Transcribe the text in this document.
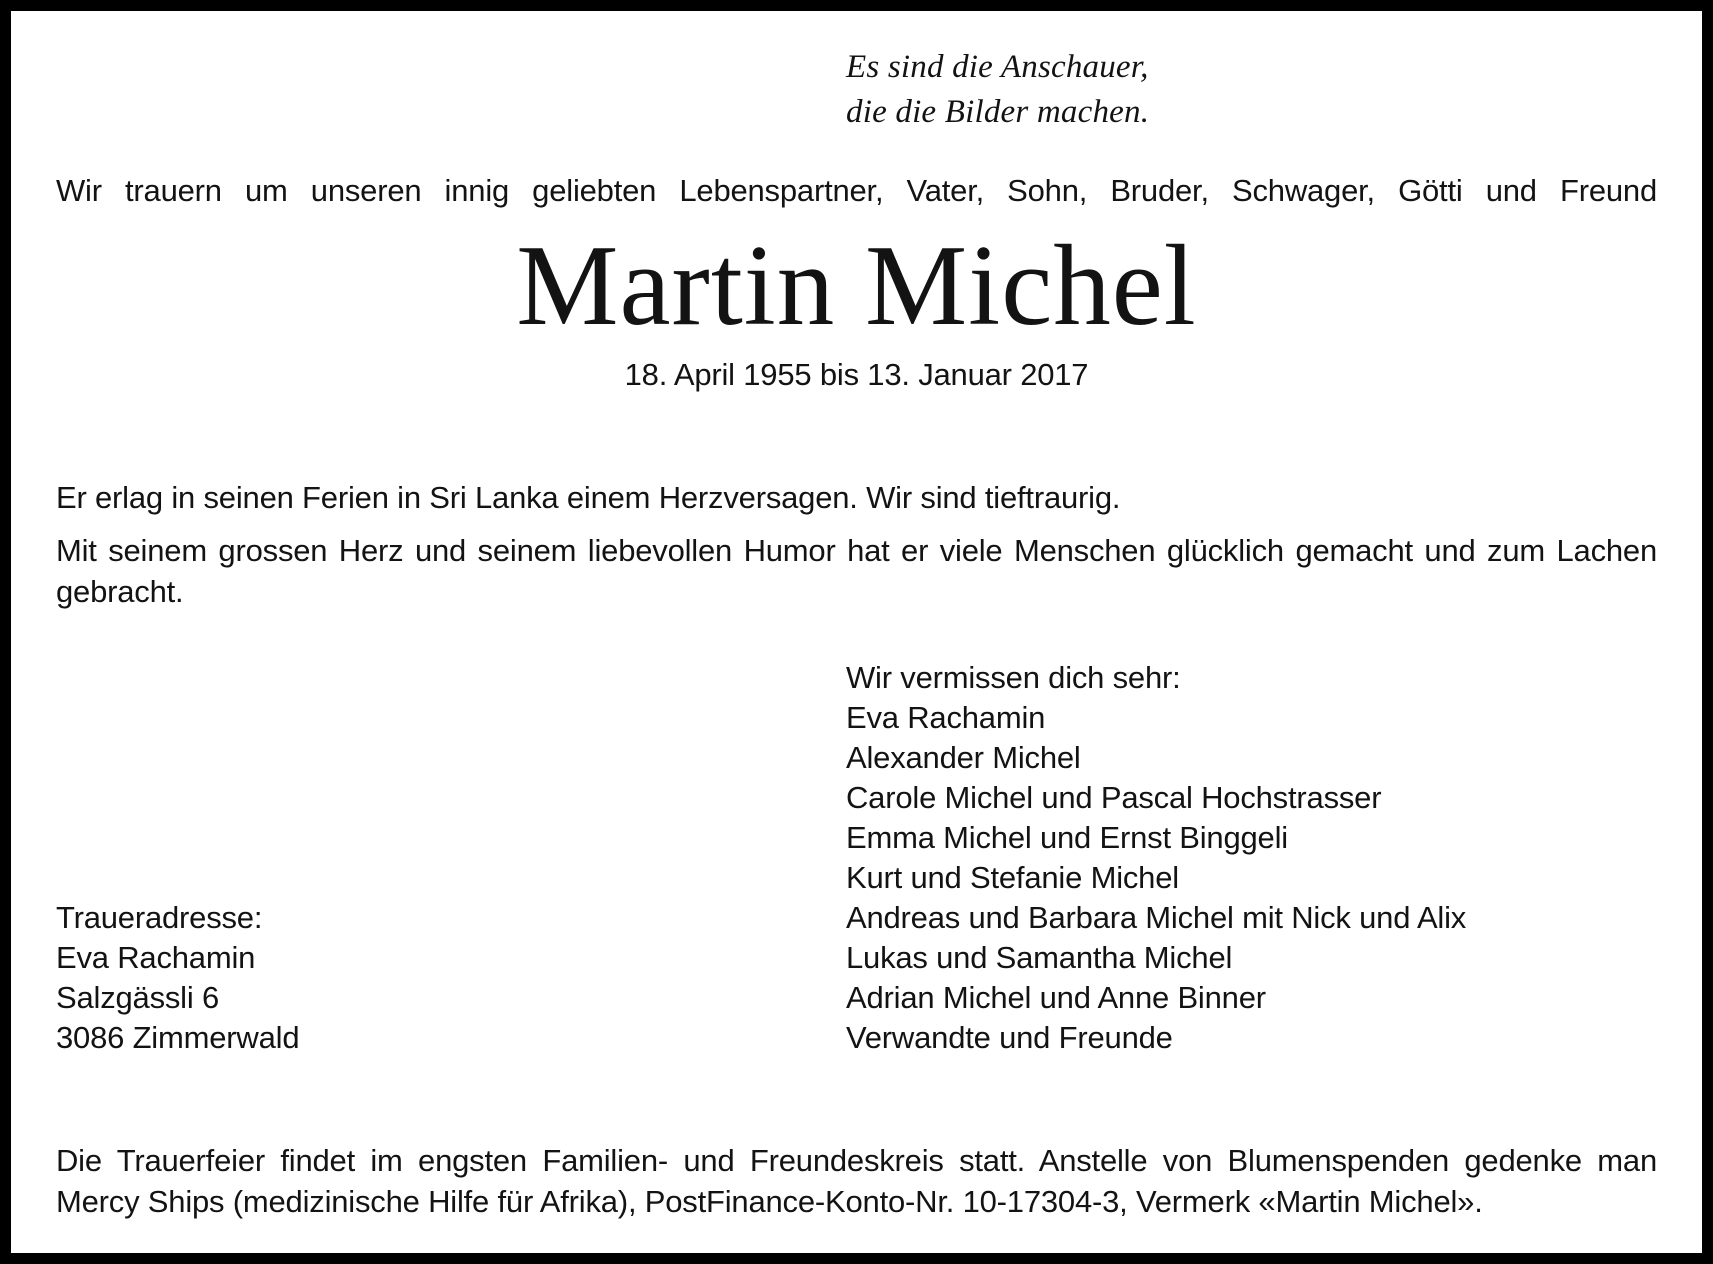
Es sind die Anschauer,
die die Bilder machen.

Wir trauern um unseren innig geliebten Lebenspartner, Vater, Sohn, Bruder, Schwager, Götti und Freund

Martin Michel
18. April 1955 bis 13. Januar 2017

Er erlag in seinen Ferien in Sri Lanka einem Herzversagen. Wir sind tieftraurig.

Mit seinem grossen Herz und seinem liebevollen Humor hat er viele Menschen glücklich gemacht und zum Lachen gebracht.

Traueradresse:
Eva Rachamin
Salzgässli 6
3086 Zimmerwald
Wir vermissen dich sehr:
Eva Rachamin
Alexander Michel
Carole Michel und Pascal Hochstrasser
Emma Michel und Ernst Binggeli
Kurt und Stefanie Michel
Andreas und Barbara Michel mit Nick und Alix
Lukas und Samantha Michel
Adrian Michel und Anne Binner
Verwandte und Freunde

Die Trauerfeier findet im engsten Familien- und Freundeskreis statt. Anstelle von Blumenspenden gedenke man Mercy Ships (medizinische Hilfe für Afrika), PostFinance-Konto-Nr. 10-17304-3, Vermerk «Martin Michel».
